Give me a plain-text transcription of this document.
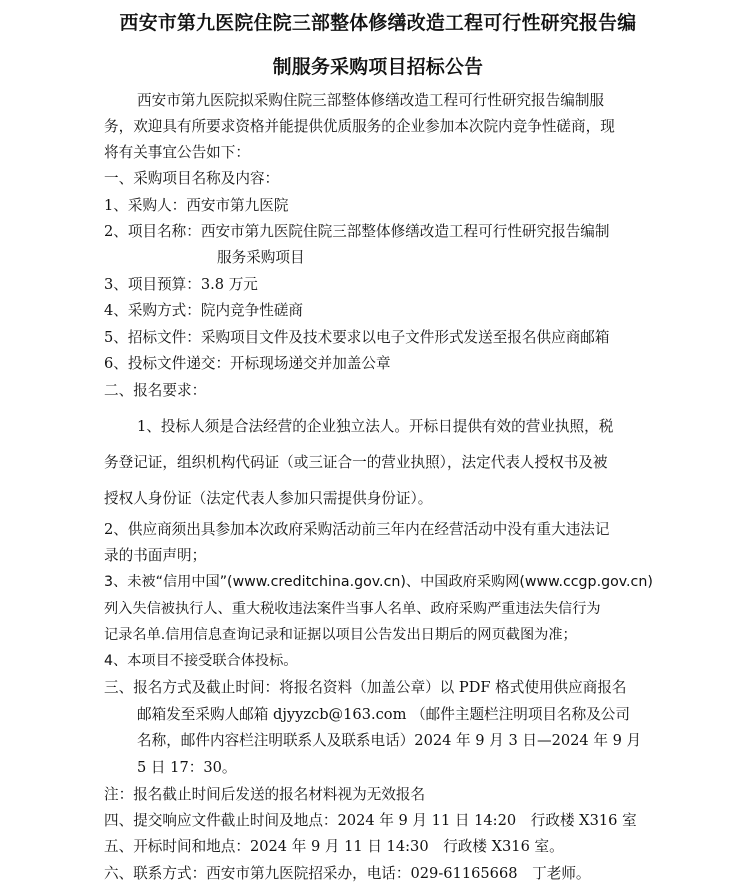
西安市第九医院住院三部整体修缮改造工程可行性研究报告编
制服务采购项目招标公告
西安市第九医院拟采购住院三部整体修缮改造工程可行性研究报告编制服
务，欢迎具有所要求资格并能提供优质服务的企业参加本次院内竞争性磋商，现
将有关事宜公告如下：
一、采购项目名称及内容：
1、采购人：西安市第九医院
2、项目名称：西安市第九医院住院三部整体修缮改造工程可行性研究报告编制
服务采购项目
3、项目预算：3.8 万元
4、采购方式：院内竞争性磋商
5、招标文件：采购项目文件及技术要求以电子文件形式发送至报名供应商邮箱
6、投标文件递交：开标现场递交并加盖公章
二、报名要求：
1、投标人须是合法经营的企业独立法人。开标日提供有效的营业执照，税
务登记证，组织机构代码证（或三证合一的营业执照），法定代表人授权书及被
授权人身份证（法定代表人参加只需提供身份证）。
2、供应商须出具参加本次政府采购活动前三年内在经营活动中没有重大违法记
录的书面声明；
3、未被“信用中国”(www.creditchina.gov.cn)、中国政府采购网(www.ccgp.gov.cn)
列入失信被执行人、重大税收违法案件当事人名单、政府采购严重违法失信行为
记录名单.信用信息查询记录和证据以项目公告发出日期后的网页截图为准；
4、本项目不接受联合体投标。
三、报名方式及截止时间：将报名资料（加盖公章）以 PDF 格式使用供应商报名
邮箱发至采购人邮箱 djyyzcb@163.com （邮件主题栏注明项目名称及公司
名称，邮件内容栏注明联系人及联系电话）2024 年 9 月 3 日—2024 年 9 月
5 日 17：30。
注：报名截止时间后发送的报名材料视为无效报名
四、提交响应文件截止时间及地点：2024 年 9 月 11 日 14:20　行政楼 X316 室
五、开标时间和地点：2024 年 9 月 11 日 14:30　行政楼 X316 室。
六、联系方式：西安市第九医院招采办，电话：029-61165668　丁老师。
